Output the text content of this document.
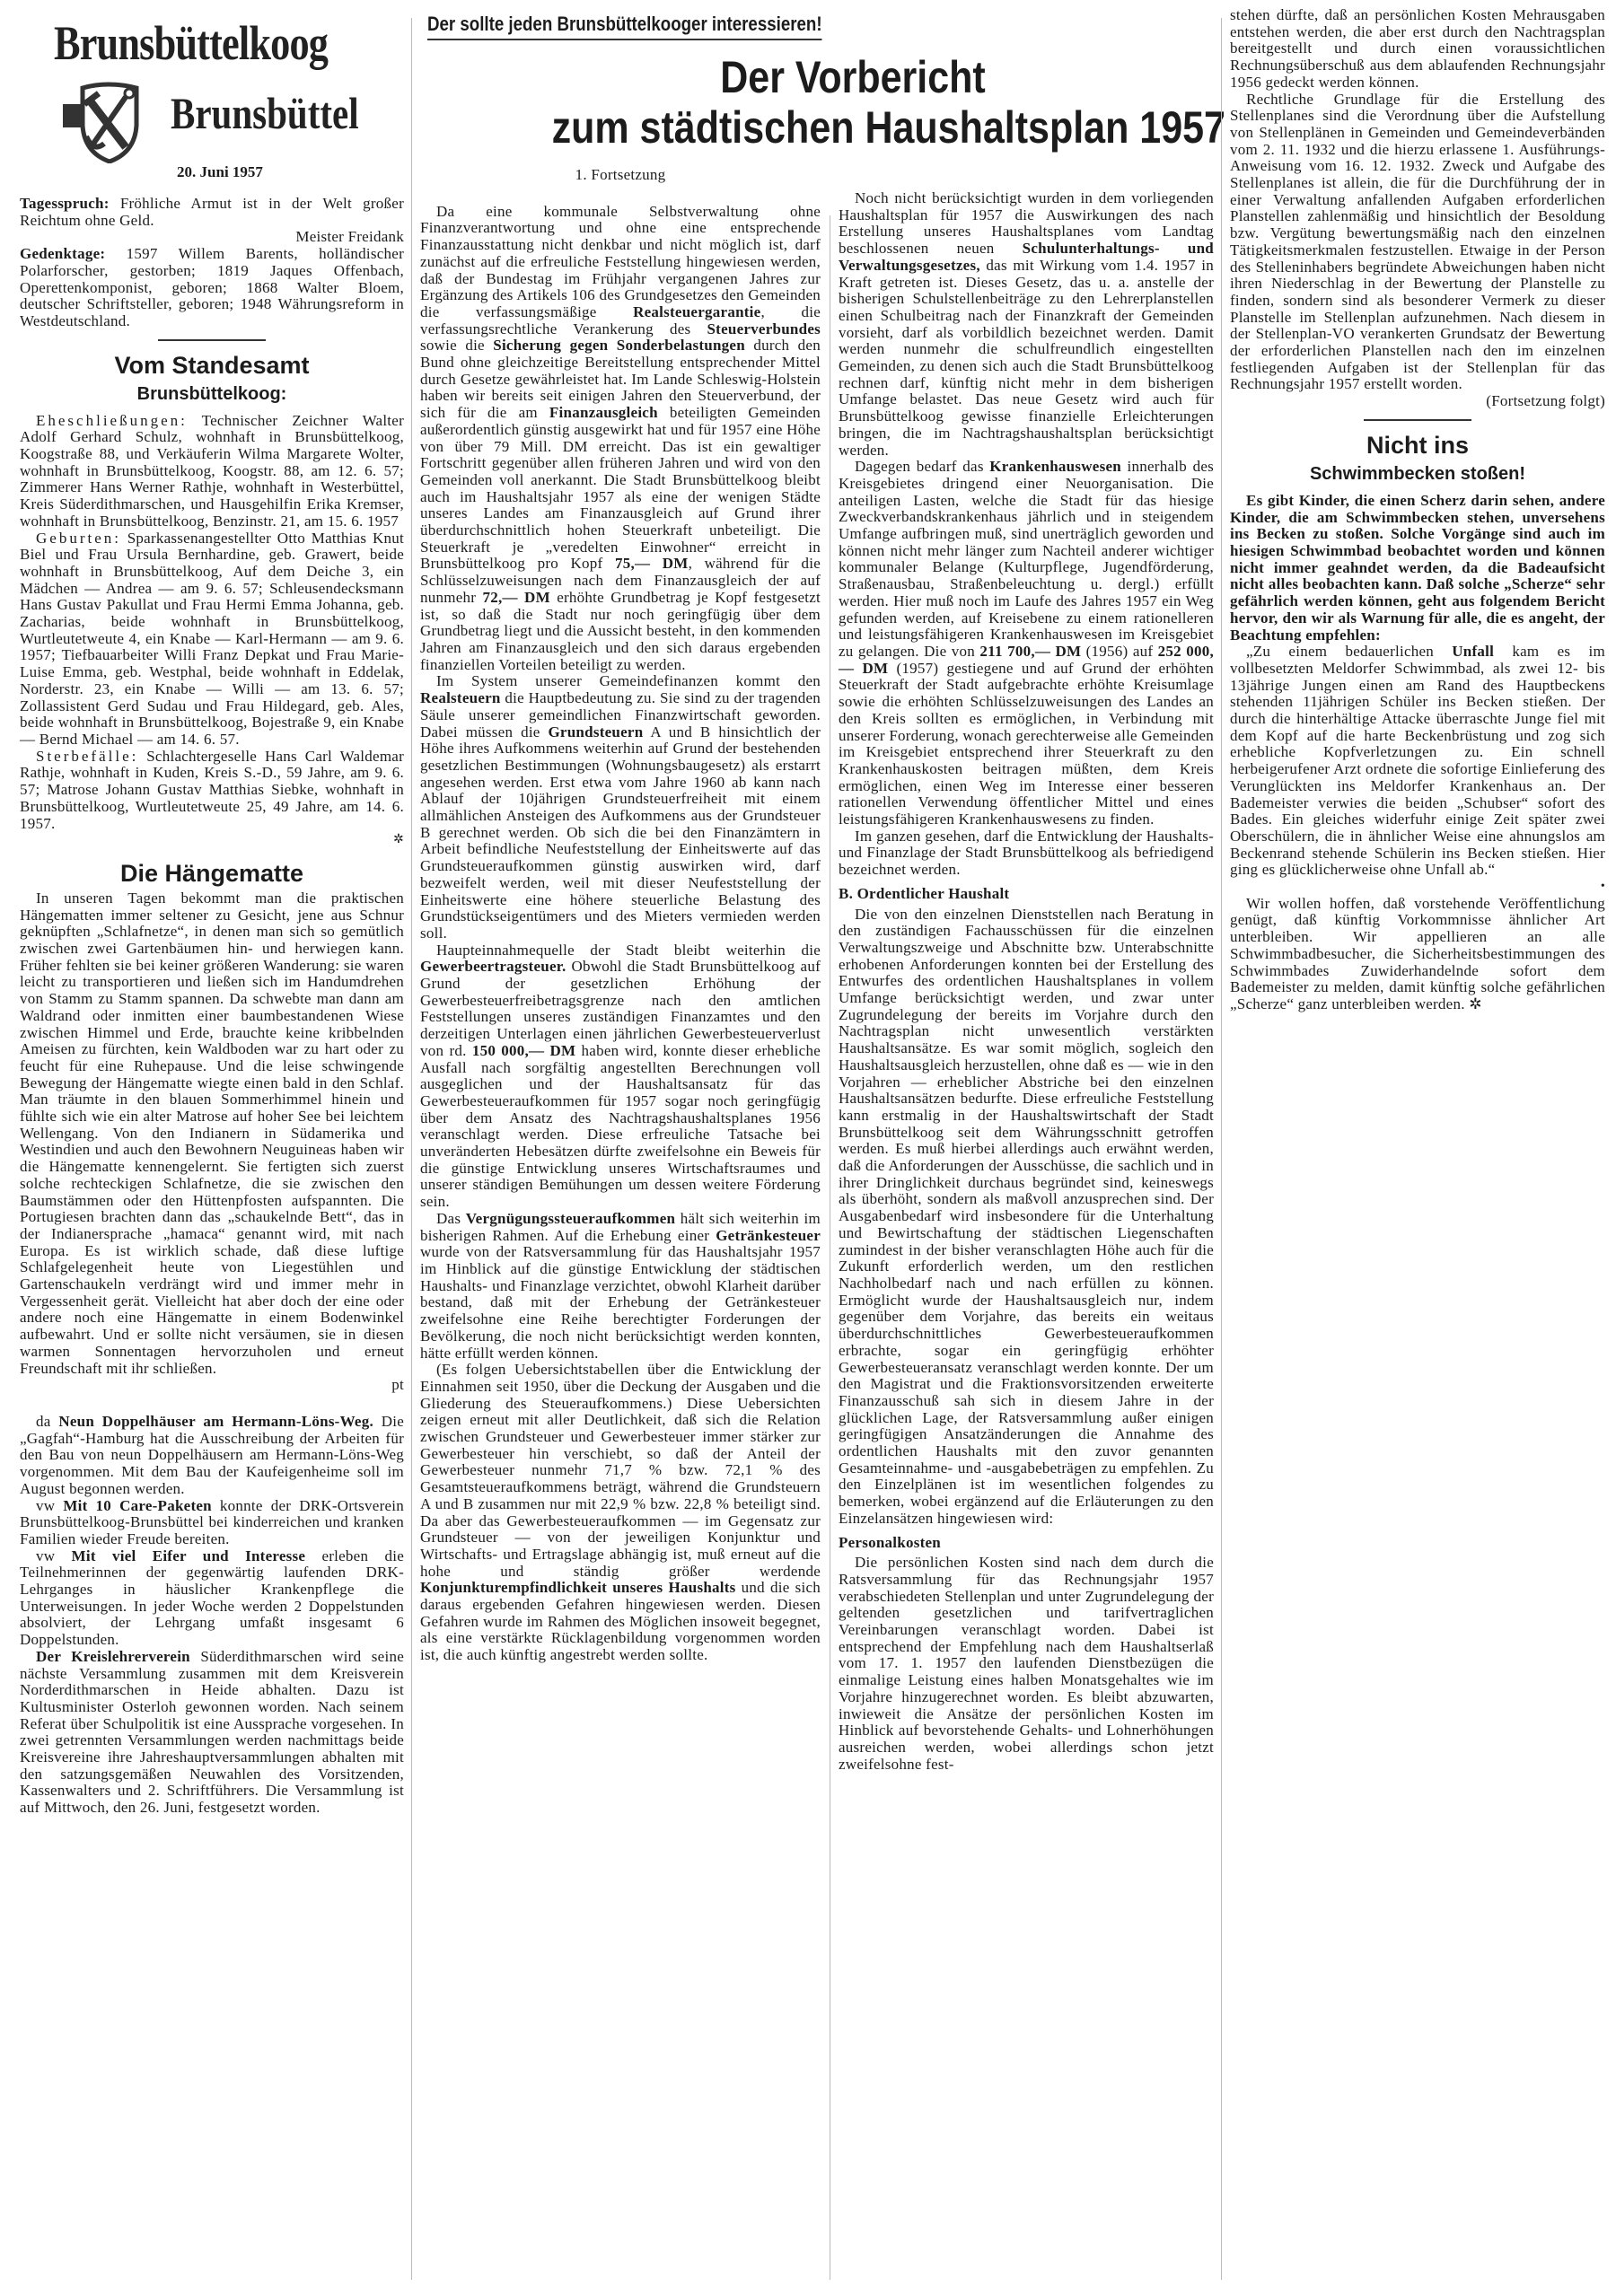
Brunsbüttelkoog
Brunsbüttel
20. Juni 1957
Der sollte jeden Brunsbüttelkooger interessieren!
Der Vorbericht
zum städtischen Haushaltsplan 1957

Tagesspruch: Fröhliche Armut ist in der Welt großer Reichtum ohne Geld.

Meister Freidank

Gedenktage: 1597 Willem Barents, holländischer Polarforscher, gestorben; 1819 Jaques Offenbach, Operettenkomponist, geboren; 1868 Walter Bloem, deutscher Schriftsteller, geboren; 1948 Währungsreform in Westdeutschland.

Vom Standesamt
Brunsbüttelkoog:

Eheschließungen: Technischer Zeichner Walter Adolf Gerhard Schulz, wohnhaft in Brunsbüttelkoog, Koogstraße 88, und Verkäuferin Wilma Margarete Wolter, wohnhaft in Brunsbüttelkoog, Koogstr. 88, am 12. 6. 57; Zimmerer Hans Werner Rathje, wohnhaft in Westerbüttel, Kreis Süderdithmarschen, und Hausgehilfin Erika Kremser, wohnhaft in Brunsbüttelkoog, Benzinstr. 21, am 15. 6. 1957

Geburten: Sparkassenangestellter Otto Matthias Knut Biel und Frau Ursula Bernhardine, geb. Grawert, beide wohnhaft in Brunsbüttelkoog, Auf dem Deiche 3, ein Mädchen — Andrea — am 9. 6. 57; Schleusendecksmann Hans Gustav Pakullat und Frau Hermi Emma Johanna, geb. Zacharias, beide wohnhaft in Brunsbüttelkoog, Wurtleutetweute 4, ein Knabe — Karl-Hermann — am 9. 6. 1957; Tiefbauarbeiter Willi Franz Depkat und Frau Marie-Luise Emma, geb. Westphal, beide wohnhaft in Eddelak, Norderstr. 23, ein Knabe — Willi — am 13. 6. 57; Zollassistent Gerd Sudau und Frau Hildegard, geb. Ales, beide wohnhaft in Brunsbüttelkoog, Bojestraße 9, ein Knabe — Bernd Michael — am 14. 6. 57.

Sterbefälle: Schlachtergeselle Hans Carl Waldemar Rathje, wohnhaft in Kuden, Kreis S.-D., 59 Jahre, am 9. 6. 57; Matrose Johann Gustav Matthias Siebke, wohnhaft in Brunsbüttelkoog, Wurtleutetweute 25, 49 Jahre, am 14. 6. 1957.

✲
Die Hängematte

In unseren Tagen bekommt man die praktischen Hängematten immer seltener zu Gesicht, jene aus Schnur geknüpften „Schlafnetze“, in denen man sich so gemütlich zwischen zwei Gartenbäumen hin- und herwiegen kann. Früher fehlten sie bei keiner größeren Wanderung: sie waren leicht zu transportieren und ließen sich im Handumdrehen von Stamm zu Stamm spannen. Da schwebte man dann am Waldrand oder inmitten einer baumbestandenen Wiese zwischen Himmel und Erde, brauchte keine kribbelnden Ameisen zu fürchten, kein Waldboden war zu hart oder zu feucht für eine Ruhepause. Und die leise schwingende Bewegung der Hängematte wiegte einen bald in den Schlaf. Man träumte in den blauen Sommerhimmel hinein und fühlte sich wie ein alter Matrose auf hoher See bei leichtem Wellengang. Von den Indianern in Südamerika und Westindien und auch den Bewohnern Neuguineas haben wir die Hängematte kennengelernt. Sie fertigten sich zuerst solche rechteckigen Schlafnetze, die sie zwischen den Baumstämmen oder den Hüttenpfosten aufspannten. Die Portugiesen brachten dann das „schaukelnde Bett“, das in der Indianersprache „hamaca“ genannt wird, mit nach Europa. Es ist wirklich schade, daß diese luftige Schlafgelegenheit heute von Liegestühlen und Gartenschaukeln verdrängt wird und immer mehr in Vergessenheit gerät. Vielleicht hat aber doch der eine oder andere noch eine Hängematte in einem Bodenwinkel aufbewahrt. Und er sollte nicht versäumen, sie in diesen warmen Sonnentagen hervorzuholen und erneut Freundschaft mit ihr schließen.

pt

da Neun Doppelhäuser am Hermann-Löns-Weg. Die „Gagfah“-Hamburg hat die Ausschreibung der Arbeiten für den Bau von neun Doppelhäusern am Hermann-Löns-Weg vorgenommen. Mit dem Bau der Kaufeigenheime soll im August begonnen werden.

vw Mit 10 Care-Paketen konnte der DRK-Ortsverein Brunsbüttelkoog-Brunsbüttel bei kinderreichen und kranken Familien wieder Freude bereiten.

vw Mit viel Eifer und Interesse erleben die Teilnehmerinnen der gegenwärtig laufenden DRK-Lehrganges in häuslicher Krankenpflege die Unterweisungen. In jeder Woche werden 2 Doppelstunden absolviert, der Lehrgang umfaßt insgesamt 6 Doppelstunden.

Der Kreislehrerverein Süderdithmarschen wird seine nächste Versammlung zusammen mit dem Kreisverein Norderdithmarschen in Heide abhalten. Dazu ist Kultusminister Osterloh gewonnen worden. Nach seinem Referat über Schulpolitik ist eine Aussprache vorgesehen. In zwei getrennten Versammlungen werden nachmittags beide Kreisvereine ihre Jahreshauptversammlungen abhalten mit den satzungsgemäßen Neuwahlen des Vorsitzenden, Kassenwalters und 2. Schriftführers. Die Versammlung ist auf Mittwoch, den 26. Juni, festgesetzt worden.

1. Fortsetzung

Da eine kommunale Selbstverwaltung ohne Finanzverantwortung und ohne eine entsprechende Finanzausstattung nicht denkbar und nicht möglich ist, darf zunächst auf die erfreuliche Feststellung hingewiesen werden, daß der Bundestag im Frühjahr vergangenen Jahres zur Ergänzung des Artikels 106 des Grundgesetzes den Gemeinden die verfassungsmäßige Realsteuergarantie, die verfassungsrechtliche Verankerung des Steuerverbundes sowie die Sicherung gegen Sonderbelastungen durch den Bund ohne gleichzeitige Bereitstellung entsprechender Mittel durch Gesetze gewährleistet hat. Im Lande Schleswig-Holstein haben wir bereits seit einigen Jahren den Steuerverbund, der sich für die am Finanzausgleich beteiligten Gemeinden außerordentlich günstig ausgewirkt hat und für 1957 eine Höhe von über 79 Mill. DM erreicht. Das ist ein gewaltiger Fortschritt gegenüber allen früheren Jahren und wird von den Gemeinden voll anerkannt. Die Stadt Brunsbüttelkoog bleibt auch im Haushaltsjahr 1957 als eine der wenigen Städte unseres Landes am Finanzausgleich auf Grund ihrer überdurchschnittlich hohen Steuerkraft unbeteiligt. Die Steuerkraft je „veredelten Einwohner“ erreicht in Brunsbüttelkoog pro Kopf 75,— DM, während für die Schlüsselzuweisungen nach dem Finanzausgleich der auf nunmehr 72,— DM erhöhte Grundbetrag je Kopf festgesetzt ist, so daß die Stadt nur noch geringfügig über dem Grundbetrag liegt und die Aussicht besteht, in den kommenden Jahren am Finanzausgleich und den sich daraus ergebenden finanziellen Vorteilen beteiligt zu werden.

Im System unserer Gemeindefinanzen kommt den Realsteuern die Hauptbedeutung zu. Sie sind zu der tragenden Säule unserer gemeindlichen Finanzwirtschaft geworden. Dabei müssen die Grundsteuern A und B hinsichtlich der Höhe ihres Aufkommens weiterhin auf Grund der bestehenden gesetzlichen Bestimmungen (Wohnungsbaugesetz) als erstarrt angesehen werden. Erst etwa vom Jahre 1960 ab kann nach Ablauf der 10jährigen Grundsteuerfreiheit mit einem allmählichen Ansteigen des Aufkommens aus der Grundsteuer B gerechnet werden. Ob sich die bei den Finanzämtern in Arbeit befindliche Neufeststellung der Einheitswerte auf das Grundsteueraufkommen günstig auswirken wird, darf bezweifelt werden, weil mit dieser Neufeststellung der Einheitswerte eine höhere steuerliche Belastung des Grundstückseigentümers und des Mieters vermieden werden soll.

Haupteinnahmequelle der Stadt bleibt weiterhin die Gewerbeertragsteuer. Obwohl die Stadt Brunsbüttelkoog auf Grund der gesetzlichen Erhöhung der Gewerbesteuerfreibetragsgrenze nach den amtlichen Feststellungen unseres zuständigen Finanzamtes und den derzeitigen Unterlagen einen jährlichen Gewerbesteuerverlust von rd. 150 000,— DM haben wird, konnte dieser erhebliche Ausfall nach sorgfältig angestellten Berechnungen voll ausgeglichen und der Haushaltsansatz für das Gewerbesteueraufkommen für 1957 sogar noch geringfügig über dem Ansatz des Nachtragshaushaltsplanes 1956 veranschlagt werden. Diese erfreuliche Tatsache bei unveränderten Hebesätzen dürfte zweifelsohne ein Beweis für die günstige Entwicklung unseres Wirtschaftsraumes und unserer ständigen Bemühungen um dessen weitere Förderung sein.

Das Vergnügungssteueraufkommen hält sich weiterhin im bisherigen Rahmen. Auf die Erhebung einer Getränkesteuer wurde von der Ratsversammlung für das Haushaltsjahr 1957 im Hinblick auf die günstige Entwicklung der städtischen Haushalts- und Finanzlage verzichtet, obwohl Klarheit darüber bestand, daß mit der Erhebung der Getränkesteuer zweifelsohne eine Reihe berechtigter Forderungen der Bevölkerung, die noch nicht berücksichtigt werden konnten, hätte erfüllt werden können.

(Es folgen Uebersichtstabellen über die Entwicklung der Einnahmen seit 1950, über die Deckung der Ausgaben und die Gliederung des Steueraufkommens.) Diese Uebersichten zeigen erneut mit aller Deutlichkeit, daß sich die Relation zwischen Grundsteuer und Gewerbesteuer immer stärker zur Gewerbesteuer hin verschiebt, so daß der Anteil der Gewerbesteuer nunmehr 71,7 % bzw. 72,1 % des Gesamtsteueraufkommens beträgt, während die Grundsteuern A und B zusammen nur mit 22,9 % bzw. 22,8 % beteiligt sind. Da aber das Gewerbesteueraufkommen — im Gegensatz zur Grundsteuer — von der jeweiligen Konjunktur und Wirtschafts- und Ertragslage abhängig ist, muß erneut auf die hohe und ständig größer werdende Konjunkturempfindlichkeit unseres Haushalts und die sich daraus ergebenden Gefahren hingewiesen werden. Diesen Gefahren wurde im Rahmen des Möglichen insoweit begegnet, als eine verstärkte Rücklagenbildung vorgenommen worden ist, die auch künftig angestrebt werden sollte.

Noch nicht berücksichtigt wurden in dem vorliegenden Haushaltsplan für 1957 die Auswirkungen des nach Erstellung unseres Haushaltsplanes vom Landtag beschlossenen neuen Schulunterhaltungs- und Verwaltungsgesetzes, das mit Wirkung vom 1.4. 1957 in Kraft getreten ist. Dieses Gesetz, das u. a. anstelle der bisherigen Schulstellenbeiträge zu den Lehrerplanstellen einen Schulbeitrag nach der Finanzkraft der Gemeinden vorsieht, darf als vorbildlich bezeichnet werden. Damit werden nunmehr die schulfreundlich eingestellten Gemeinden, zu denen sich auch die Stadt Brunsbüttelkoog rechnen darf, künftig nicht mehr in dem bisherigen Umfange belastet. Das neue Gesetz wird auch für Brunsbüttelkoog gewisse finanzielle Erleichterungen bringen, die im Nachtragshaushaltsplan berücksichtigt werden.

Dagegen bedarf das Krankenhauswesen innerhalb des Kreisgebietes dringend einer Neuorganisation. Die anteiligen Lasten, welche die Stadt für das hiesige Zweckverbandskrankenhaus jährlich und in steigendem Umfange aufbringen muß, sind unerträglich geworden und können nicht mehr länger zum Nachteil anderer wichtiger kommunaler Belange (Kulturpflege, Jugendförderung, Straßenausbau, Straßenbeleuchtung u. dergl.) erfüllt werden. Hier muß noch im Laufe des Jahres 1957 ein Weg gefunden werden, auf Kreisebene zu einem rationelleren und leistungsfähigeren Krankenhauswesen im Kreisgebiet zu gelangen. Die von 211 700,— DM (1956) auf 252 000,— DM (1957) gestiegene und auf Grund der erhöhten Steuerkraft der Stadt aufgebrachte erhöhte Kreisumlage sowie die erhöhten Schlüsselzuweisungen des Landes an den Kreis sollten es ermöglichen, in Verbindung mit unserer Forderung, wonach gerechterweise alle Gemeinden im Kreisgebiet entsprechend ihrer Steuerkraft zu den Krankenhauskosten beitragen müßten, dem Kreis ermöglichen, einen Weg im Interesse einer besseren rationellen Verwendung öffentlicher Mittel und eines leistungsfähigeren Krankenhauswesens zu finden.

Im ganzen gesehen, darf die Entwicklung der Haushalts- und Finanzlage der Stadt Brunsbüttelkoog als befriedigend bezeichnet werden.

B. Ordentlicher Haushalt

Die von den einzelnen Dienststellen nach Beratung in den zuständigen Fachausschüssen für die einzelnen Verwaltungszweige und Abschnitte bzw. Unterabschnitte erhobenen Anforderungen konnten bei der Erstellung des Entwurfes des ordentlichen Haushaltsplanes in vollem Umfange berücksichtigt werden, und zwar unter Zugrundelegung der bereits im Vorjahre durch den Nachtragsplan nicht unwesentlich verstärkten Haushaltsansätze. Es war somit möglich, sogleich den Haushaltsausgleich herzustellen, ohne daß es — wie in den Vorjahren — erheblicher Abstriche bei den einzelnen Haushaltsansätzen bedurfte. Diese erfreuliche Feststellung kann erstmalig in der Haushaltswirtschaft der Stadt Brunsbüttelkoog seit dem Währungsschnitt getroffen werden. Es muß hierbei allerdings auch erwähnt werden, daß die Anforderungen der Ausschüsse, die sachlich und in ihrer Dringlichkeit durchaus begründet sind, keineswegs als überhöht, sondern als maßvoll anzusprechen sind. Der Ausgabenbedarf wird insbesondere für die Unterhaltung und Bewirtschaftung der städtischen Liegenschaften zumindest in der bisher veranschlagten Höhe auch für die Zukunft erforderlich werden, um den restlichen Nachholbedarf nach und nach erfüllen zu können. Ermöglicht wurde der Haushaltsausgleich nur, indem gegenüber dem Vorjahre, das bereits ein weitaus überdurchschnittliches Gewerbesteueraufkommen erbrachte, sogar ein geringfügig erhöhter Gewerbesteueransatz veranschlagt werden konnte. Der um den Magistrat und die Fraktionsvorsitzenden erweiterte Finanzausschuß sah sich in diesem Jahre in der glücklichen Lage, der Ratsversammlung außer einigen geringfügigen Ansatzänderungen die Annahme des ordentlichen Haushalts mit den zuvor genannten Gesamteinnahme- und -ausgabebeträgen zu empfehlen. Zu den Einzelplänen ist im wesentlichen folgendes zu bemerken, wobei ergänzend auf die Erläuterungen zu den Einzelansätzen hingewiesen wird:

Personalkosten

Die persönlichen Kosten sind nach dem durch die Ratsversammlung für das Rechnungsjahr 1957 verabschiedeten Stellenplan und unter Zugrundelegung der geltenden gesetzlichen und tarifvertraglichen Vereinbarungen veranschlagt worden. Dabei ist entsprechend der Empfehlung nach dem Haushaltserlaß vom 17. 1. 1957 den laufenden Dienstbezügen die einmalige Leistung eines halben Monatsgehaltes wie im Vorjahre hinzugerechnet worden. Es bleibt abzuwarten, inwieweit die Ansätze der persönlichen Kosten im Hinblick auf bevorstehende Gehalts- und Lohnerhöhungen ausreichen werden, wobei allerdings schon jetzt zweifelsohne fest-

stehen dürfte, daß an persönlichen Kosten Mehrausgaben entstehen werden, die aber erst durch den Nachtragsplan bereitgestellt und durch einen voraussichtlichen Rechnungsüberschuß aus dem ablaufenden Rechnungsjahr 1956 gedeckt werden können.

Rechtliche Grundlage für die Erstellung des Stellenplanes sind die Verordnung über die Aufstellung von Stellenplänen in Gemeinden und Gemeindeverbänden vom 2. 11. 1932 und die hierzu erlassene 1. Ausführungs-Anweisung vom 16. 12. 1932. Zweck und Aufgabe des Stellenplanes ist allein, die für die Durchführung der in einer Verwaltung anfallenden Aufgaben erforderlichen Planstellen zahlenmäßig und hinsichtlich der Besoldung bzw. Vergütung bewertungsmäßig nach den einzelnen Tätigkeitsmerkmalen festzustellen. Etwaige in der Person des Stelleninhabers begründete Abweichungen haben nicht ihren Niederschlag in der Bewertung der Planstelle zu finden, sondern sind als besonderer Vermerk zu dieser Planstelle im Stellenplan aufzunehmen. Nach diesem in der Stellenplan-VO verankerten Grundsatz der Bewertung der erforderlichen Planstellen nach den im einzelnen festliegenden Aufgaben ist der Stellenplan für das Rechnungsjahr 1957 erstellt worden.

(Fortsetzung folgt)
Nicht ins
Schwimmbecken stoßen!

Es gibt Kinder, die einen Scherz darin sehen, andere Kinder, die am Schwimmbecken stehen, unversehens ins Becken zu stoßen. Solche Vorgänge sind auch im hiesigen Schwimmbad beobachtet worden und können nicht immer geahndet werden, da die Badeaufsicht nicht alles beobachten kann. Daß solche „Scherze“ sehr gefährlich werden können, geht aus folgendem Bericht hervor, den wir als Warnung für alle, die es angeht, der Beachtung empfehlen:

„Zu einem bedauerlichen Unfall kam es im vollbesetzten Meldorfer Schwimmbad, als zwei 12- bis 13jährige Jungen einen am Rand des Hauptbeckens stehenden 11jährigen Schüler ins Becken stießen. Der durch die hinterhältige Attacke überraschte Junge fiel mit dem Kopf auf die harte Beckenbrüstung und zog sich erhebliche Kopfverletzungen zu. Ein schnell herbeigerufener Arzt ordnete die sofortige Einlieferung des Verunglückten ins Meldorfer Krankenhaus an. Der Bademeister verwies die beiden „Schubser“ sofort des Bades. Ein gleiches widerfuhr einige Zeit später zwei Oberschülern, die in ähnlicher Weise eine ahnungslos am Beckenrand stehende Schülerin ins Becken stießen. Hier ging es glücklicherweise ohne Unfall ab.“

•

Wir wollen hoffen, daß vorstehende Veröffentlichung genügt, daß künftig Vorkommnisse ähnlicher Art unterbleiben. Wir appellieren an alle Schwimmbadbesucher, die Sicherheitsbestimmungen des Schwimmbades Zuwiderhandelnde sofort dem Bademeister zu melden, damit künftig solche gefährlichen „Scherze“ ganz unterbleiben werden. ✲
